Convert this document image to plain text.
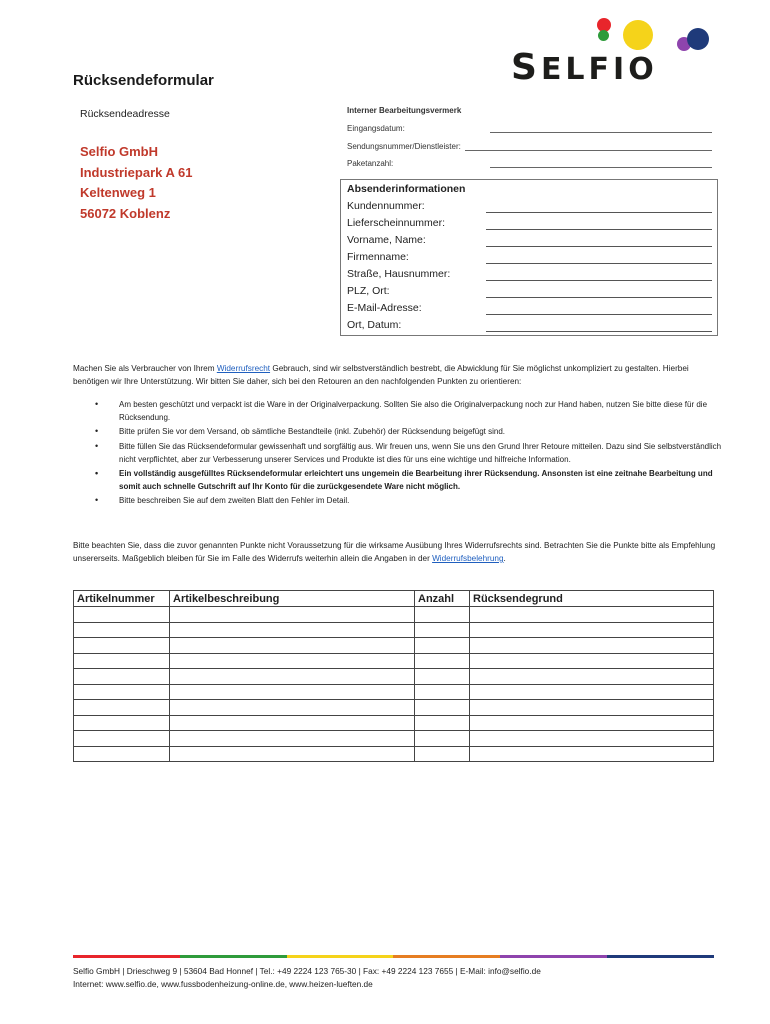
SELFIO
Rücksendeformular
Rücksendeadresse
Selfio GmbH
Industriepark A 61
Keltenweg 1
56072 Koblenz
Interner Bearbeitungsvermerk
Eingangsdatum:
Sendungsnummer/Dienstleister:
Paketanzahl:
Absenderinformationen
Kundennummer:
Lieferscheinnummer:
Vorname, Name:
Firmenname:
Straße, Hausnummer:
PLZ, Ort:
E-Mail-Adresse:
Ort, Datum:
Machen Sie als Verbraucher von Ihrem Widerrufsrecht Gebrauch, sind wir selbstverständlich bestrebt, die Abwicklung für Sie möglichst unkompliziert zu gestalten. Hierbei benötigen wir Ihre Unterstützung. Wir bitten Sie daher, sich bei den Retouren an den nachfolgenden Punkten zu orientieren:
• Am besten geschützt und verpackt ist die Ware in der Originalverpackung. Sollten Sie also die Originalverpackung noch zur Hand haben, nutzen Sie bitte diese für die Rücksendung.
• Bitte prüfen Sie vor dem Versand, ob sämtliche Bestandteile (inkl. Zubehör) der Rücksendung beigefügt sind.
• Bitte füllen Sie das Rücksendeformular gewissenhaft und sorgfältig aus. Wir freuen uns, wenn Sie uns den Grund Ihrer Retoure mitteilen. Dazu sind Sie selbstverständlich nicht verpflichtet, aber zur Verbesserung unserer Services und Produkte ist dies für uns eine wichtige und hilfreiche Information.
• Ein vollständig ausgefülltes Rücksendeformular erleichtert uns ungemein die Bearbeitung ihrer Rücksendung. Ansonsten ist eine zeitnahe Bearbeitung und somit auch schnelle Gutschrift auf Ihr Konto für die zurückgesendete Ware nicht möglich.
• Bitte beschreiben Sie auf dem zweiten Blatt den Fehler im Detail.
Bitte beachten Sie, dass die zuvor genannten Punkte nicht Voraussetzung für die wirksame Ausübung Ihres Widerrufsrechts sind. Betrachten Sie die Punkte bitte als Empfehlung unsererseits. Maßgeblich bleiben für Sie im Falle des Widerrufs weiterhin allein die Angaben in der Widerrufsbelehrung.
Artikelnummer	Artikelbeschreibung	Anzahl	Rücksendegrund

Selfio GmbH | Drieschweg 9 | 53604 Bad Honnef | Tel.: +49 2224 123 765-30 | Fax: +49 2224 123 7655 | E-Mail: info@selfio.de
Internet: www.selfio.de, www.fussbodenheizung-online.de, www.heizen-lueften.de
